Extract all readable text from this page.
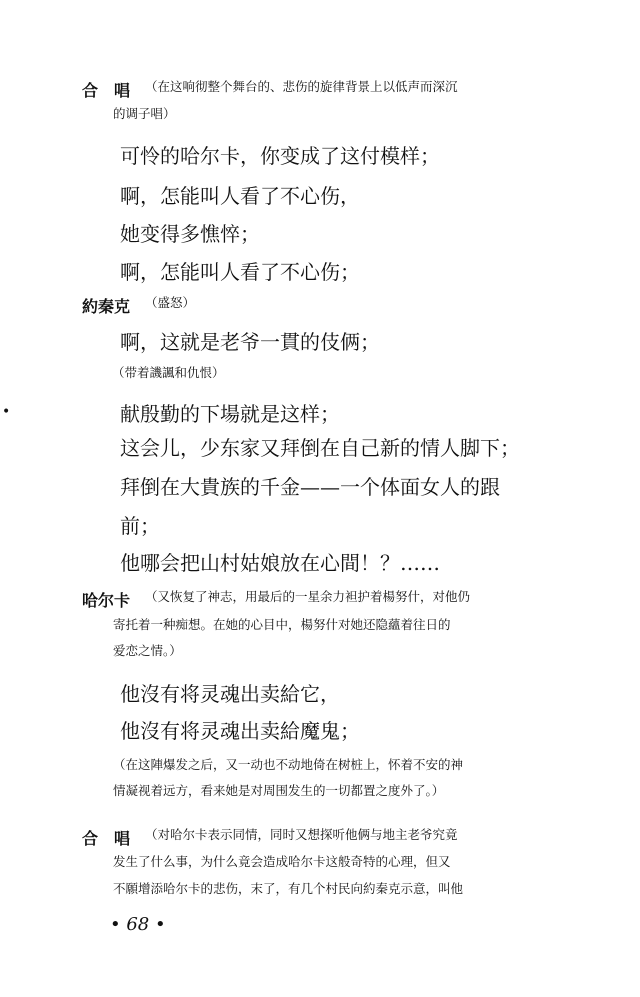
合　唱 （在这响彻整个舞台的、悲伤的旋律背景上以低声而深沉
的调子唱）
可怜的哈尔卡，你变成了这付模样；
啊，怎能叫人看了不心伤，
她变得多憔悴；
啊，怎能叫人看了不心伤；
約秦克 （盛怒）
啊，这就是老爷一貫的伎俩；
（带着譏諷和仇恨）
献殷勤的下場就是这样；
这会儿，少东家又拜倒在自己新的情人脚下；
拜倒在大貴族的千金——一个体面女人的跟
前；
他哪会把山村姑娘放在心間！？……
哈尔卡 （又恢复了神志，用最后的一星余力袒护着楊努什，对他仍
寄托着一种痴想。在她的心目中，楊努什对她还隐蘊着往日的
爱恋之情。）
他沒有将灵魂出卖給它，
他沒有将灵魂出卖給魔鬼；
（在这陣爆发之后，又一动也不动地倚在树桩上，怀着不安的神
情凝视着远方，看来她是对周围发生的一切都置之度外了。）
合　唱 （对哈尔卡表示同情，同时又想探听他俩与地主老爷究竟
发生了什么事，为什么竟会造成哈尔卡这般奇特的心理，但又
不願增添哈尔卡的悲伤，末了，有几个村民向約秦克示意，叫他
•
• 68 •
